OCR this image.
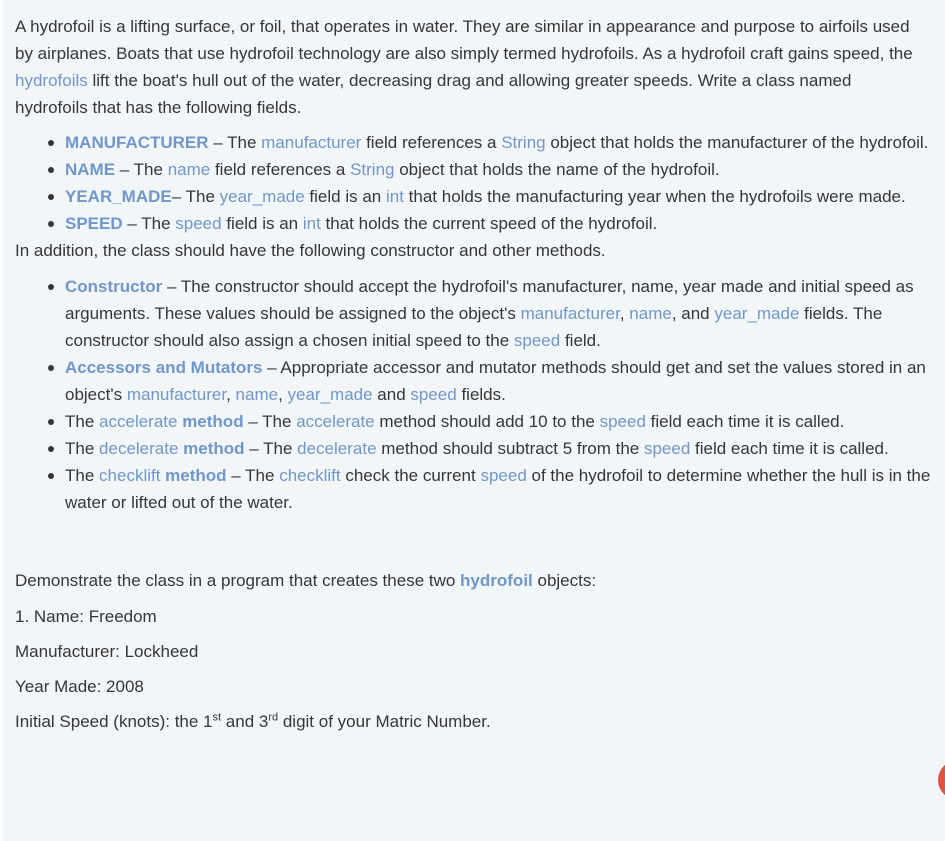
A hydrofoil is a lifting surface, or foil, that operates in water. They are similar in appearance and purpose to airfoils used by airplanes. Boats that use hydrofoil technology are also simply termed hydrofoils. As a hydrofoil craft gains speed, the hydrofoils lift the boat's hull out of the water, decreasing drag and allowing greater speeds. Write a class named hydrofoils that has the following fields.

MANUFACTURER – The manufacturer field references a String object that holds the manufacturer of the hydrofoil.
NAME – The name field references a String object that holds the name of the hydrofoil.
YEAR_MADE– The year_made field is an int that holds the manufacturing year when the hydrofoils were made.
SPEED – The speed field is an int that holds the current speed of the hydrofoil.

In addition, the class should have the following constructor and other methods.

Constructor – The constructor should accept the hydrofoil's manufacturer, name, year made and initial speed as arguments. These values should be assigned to the object's manufacturer, name, and year_made fields. The constructor should also assign a chosen initial speed to the speed field.
Accessors and Mutators – Appropriate accessor and mutator methods should get and set the values stored in an object's manufacturer, name, year_made and speed fields.
The accelerate method – The accelerate method should add 10 to the speed field each time it is called.
The decelerate method – The decelerate method should subtract 5 from the speed field each time it is called.
The checklift method – The checklift check the current speed of the hydrofoil to determine whether the hull is in the water or lifted out of the water.

Demonstrate the class in a program that creates these two hydrofoil objects:

1. Name: Freedom

Manufacturer: Lockheed

Year Made: 2008

Initial Speed (knots): the 1st and 3rd digit of your Matric Number.
